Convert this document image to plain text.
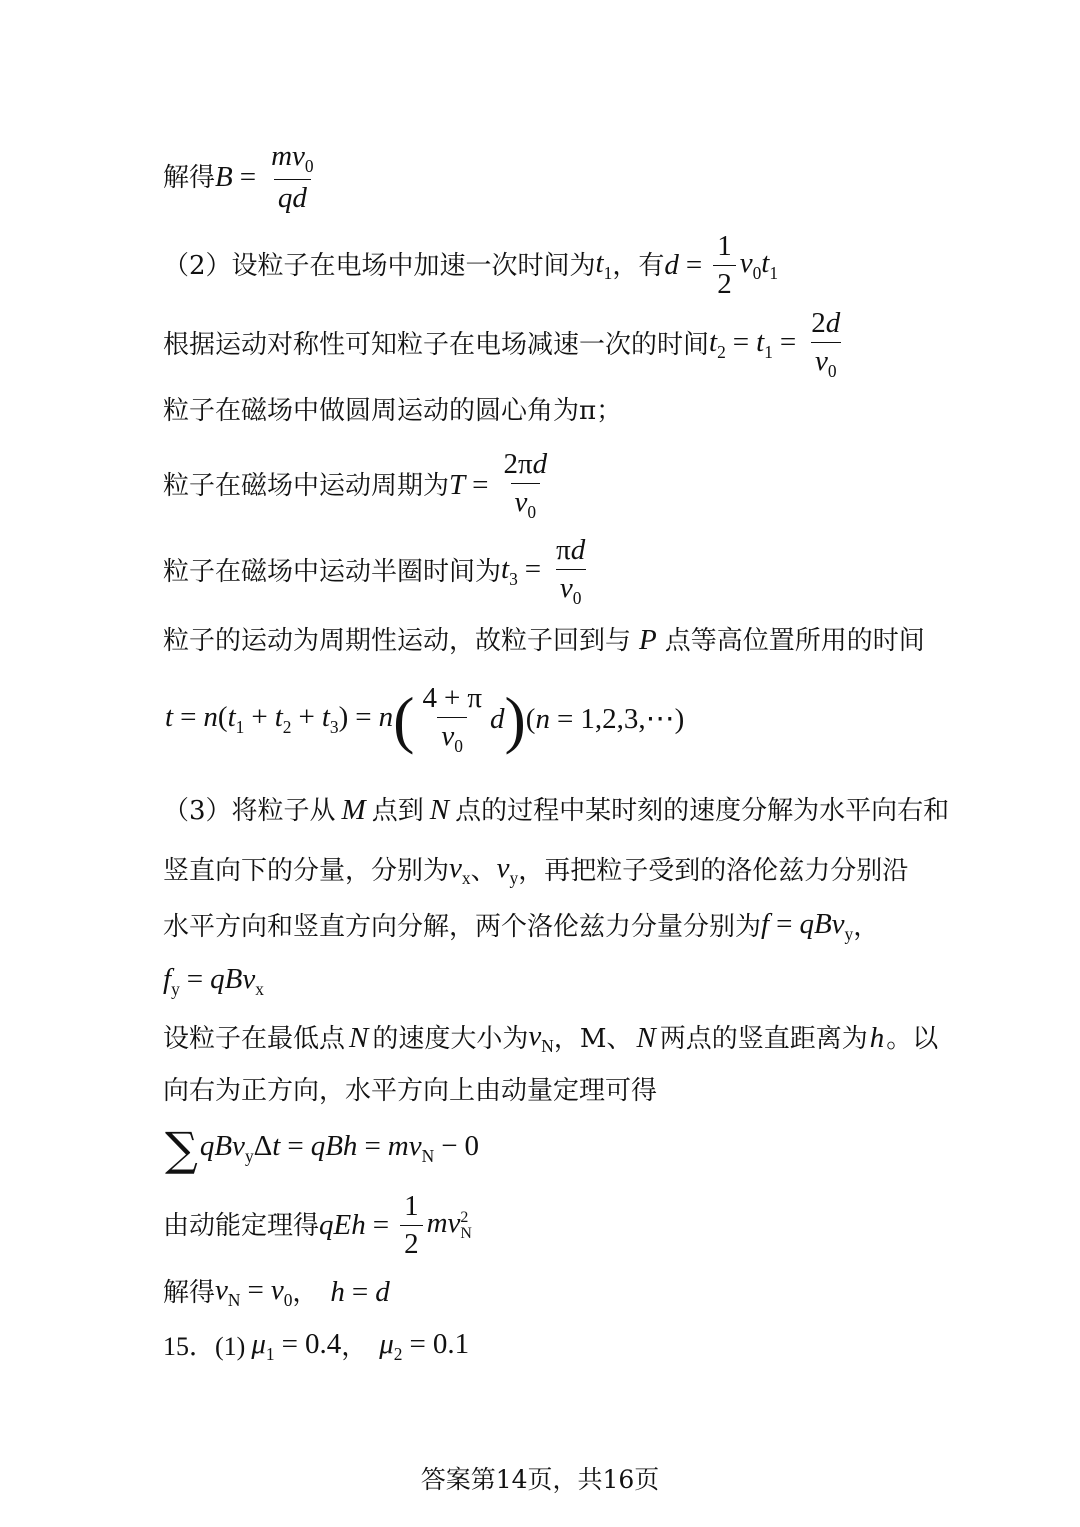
解得 $B = \frac{mv_0}{qd}$
（2）设粒子在电场中加速一次时间为 $t_1$ ，有 $d = \frac{1}{2} v_0t_1$
根据运动对称性可知粒子在电场减速一次的时间 $t_2 = t_1 = \frac{2d}{v_0}$
粒子在磁场中做圆周运动的圆心角为 π；
粒子在磁场中运动周期为 $T = \frac{2\pi d}{v_0}$
粒子在磁场中运动半圈时间为 $t_3 = \frac{\pi d}{v_0}$
粒子的运动为周期性运动，故粒子回到与 P 点等高位置所用的时间
$t = n(t_1 + t_2 + t_3) = n$ ( $\frac{4 + \pi}{v_0}$ d ) (n = 1,2,3,⋯)
（3）将粒子从 M 点到 N 点的过程中某时刻的速度分解为水平向右和
竖直向下的分量，分别为 $v_x$ 、 $v_y$ ，再把粒子受到的洛伦兹力分别沿
水平方向和竖直方向分解，两个洛伦兹力分量分别为 f = qBv$_y$ ，
$f_y = qBv_x$
设粒子在最低点 N 的速度大小为 $v_N$ ，M、 N 两点的竖直距离为 h 。以
向右为正方向，水平方向上由动量定理可得
∑ qBv$_y$Δt = qBh = $mv_N - 0$
由动能定理得 qEh = $\frac{1}{2}$ mv 2
N
解得 $v_N = v_0$ ， h = d
15．(1) $\mu_1 = 0.4$ ， $\mu_2 = 0.1$
答案第14页，共16页
